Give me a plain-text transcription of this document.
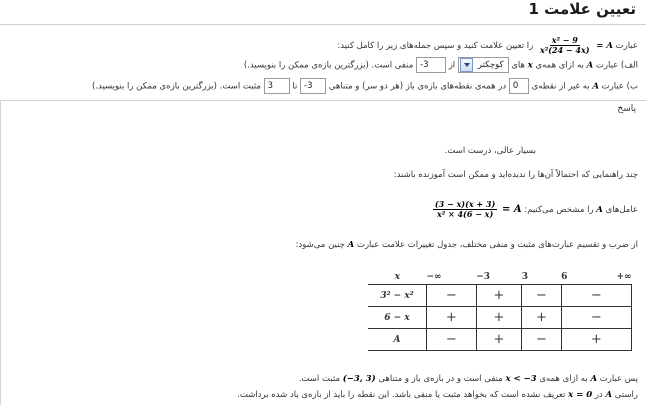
تعیین علامت 1
عبارت A =
$\frac{\text{9 − x²}}{\text{x²(24 − 4x)}}$
را تعیین علامت کنید و سپس جمله‌های زیر را کامل کنید:
الف) عبارت A به ازای همه‌ی x های
کوچکتر
از -3 منفی است. (بزرگترین بازه‌ی ممکن را بنویسید.)
ب) عبارت A به غیر از نقطه‌ی 0 در همه‌ی نقطه‌های بازه‌ی باز (هر دو سر) و متناهی -3 تا 3 مثبت است. (بزرگترین بازه‌ی ممکن را بنویسید.)
پاسخ
بسیار عالی، درست است.
چند راهنمایی که احتمالاً آن‌ها را ندیده‌اید و ممکن است آموزنده باشند:
عامل‌های A را مشخص می‌کنیم: A =
$\frac{(3 + x)(3 - x)}{\text{x² × 4(6 − x)}}$
از ضرب و تقسیم عبارت‌های مثبت و منفی مختلف، جدول تغییرات علامت عبارت A چنین می‌شود:
x	−∞	−3	3	6	+∞
3² − x²	−	+	−	−	
6 − x	+	+	+	−	
A	−	+	−	+	
پس عبارت A به ازای همه‌ی x < −3 منفی است و در بازه‌ی باز و متناهی (−3, 3) مثبت است.
راستی A در x = 0 تعریف نشده است که بخواهد مثبت یا منفی باشد. این نقطه را باید از بازه‌ی یاد شده برداشت.
